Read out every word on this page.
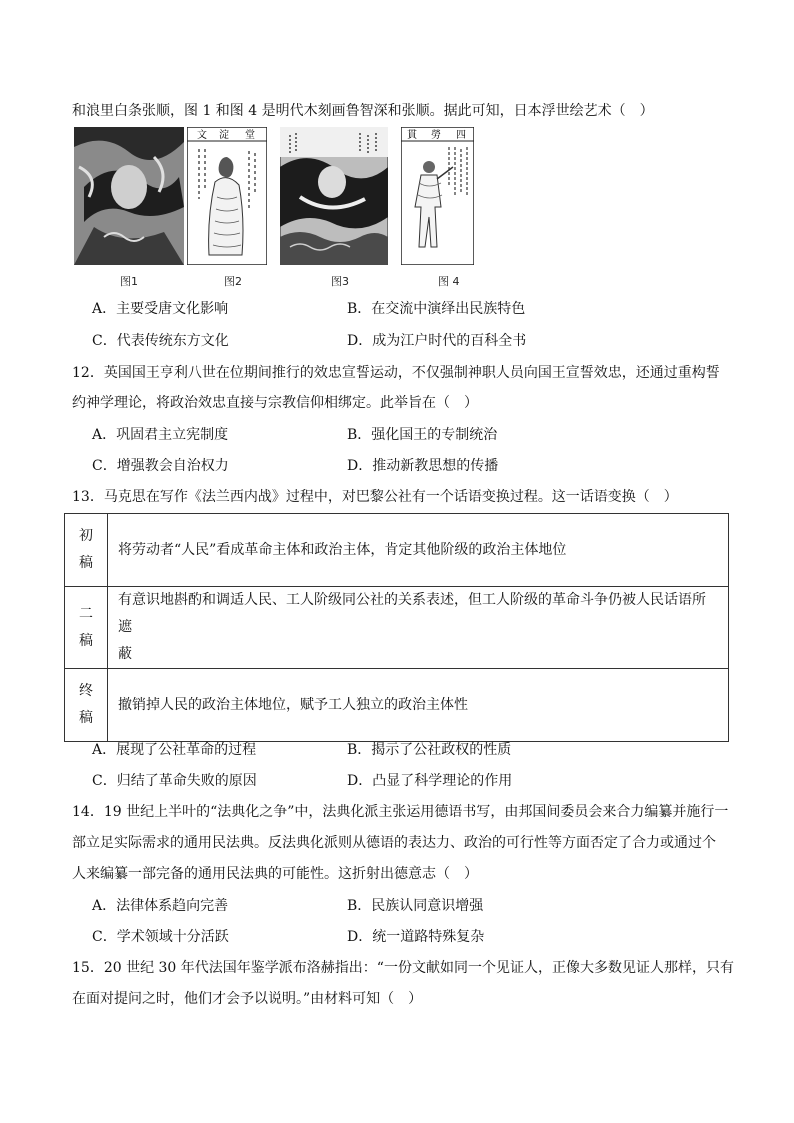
和浪里白条张顺，图 1 和图 4 是明代木刻画鲁智深和张顺。据此可知，日本浮世绘艺术（　）
文 淀 堂	貫 勞 四
图1	图2	图3	图 4
A．主要受唐文化影响	B．在交流中演绎出民族特色
C．代表传统东方文化	D．成为江户时代的百科全书
12．英国国王亨利八世在位期间推行的效忠宣誓运动，不仅强制神职人员向国王宣誓效忠，还通过重构誓
约神学理论，将政治效忠直接与宗教信仰相绑定。此举旨在（　）
A．巩固君主立宪制度	B．强化国王的专制统治
C．增强教会自治权力	D．推动新教思想的传播
13．马克思在写作《法兰西内战》过程中，对巴黎公社有一个话语变换过程。这一话语变换（　）
初
稿	将劳动者“人民”看成革命主体和政治主体，肯定其他阶级的政治主体地位

二
稿	有意识地斟酌和调适人民、工人阶级同公社的关系表述，但工人阶级的革命斗争仍被人民话语所遮
蔽

终
稿	撤销掉人民的政治主体地位，赋予工人独立的政治主体性
A．展现了公社革命的过程	B．揭示了公社政权的性质
C．归结了革命失败的原因	D．凸显了科学理论的作用
14．19 世纪上半叶的“法典化之争”中，法典化派主张运用德语书写，由邦国间委员会来合力编纂并施行一
部立足实际需求的通用民法典。反法典化派则从德语的表达力、政治的可行性等方面否定了合力或通过个
人来编纂一部完备的通用民法典的可能性。这折射出德意志（　）
A．法律体系趋向完善	B．民族认同意识增强
C．学术领域十分活跃	D．统一道路特殊复杂
15．20 世纪 30 年代法国年鉴学派布洛赫指出：“一份文献如同一个见证人，正像大多数见证人那样，只有
在面对提问之时，他们才会予以说明。”由材料可知（　）
